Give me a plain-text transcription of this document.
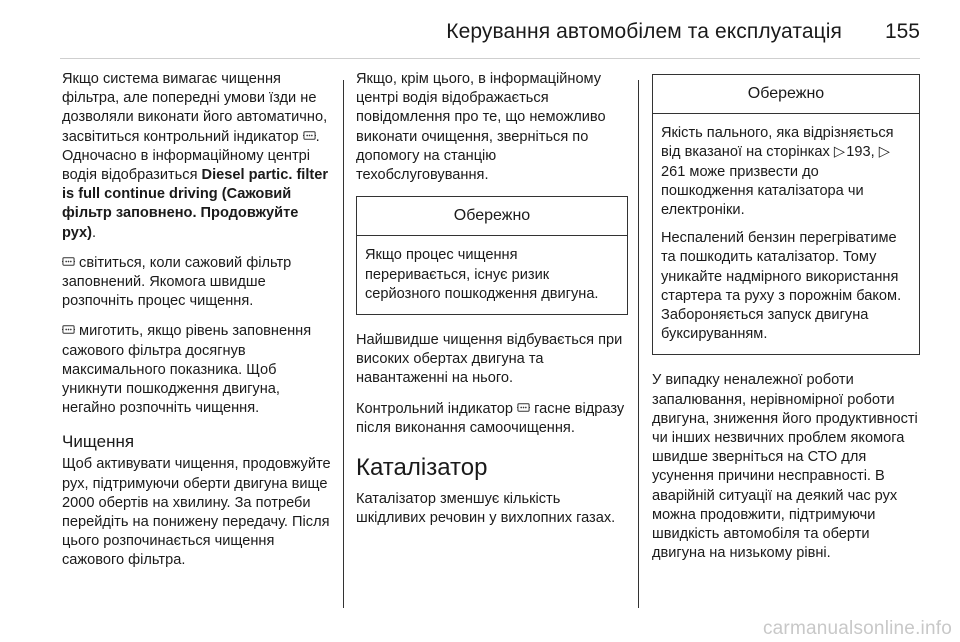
Керування автомобілем та експлуатація 155

Якщо система вимагає чищення фільтра, але попередні умови їзди не дозволяли виконати його автоматично, засвітиться контрольний індикатор . Одночасно в інформаційному центрі водія відобразиться Diesel partic. filter is full continue driving (Сажовий фільтр заповнено. Продовжуйте рух).

світиться, коли сажовий фільтр заповнений. Якомога швидше розпочніть процес чищення.

миготить, якщо рівень заповнення сажового фільтра досягнув максимального показника. Щоб уникнути пошкодження двигуна, негайно розпочніть чищення.

Чищення

Щоб активувати чищення, продовжуйте рух, підтримуючи оберти двигуна вище 2000 обертів на хвилину. За потреби перейдіть на понижену передачу. Після цього розпочинається чищення сажового фільтра.

Якщо, крім цього, в інформаційному центрі водія відображається повідомлення про те, що неможливо виконати очищення, зверніться по допомогу на станцію техобслуговування.

Обережно

Якщо процес чищення переривається, існує ризик серйозного пошкодження двигуна.

Найшвидше чищення відбувається при високих обертах двигуна та навантаженні на нього.

Контрольний індикатор  гасне відразу після виконання самоочищення.

Каталізатор

Каталізатор зменшує кількість шкідливих речовин у вихлопних газах.

Обережно

Якість пального, яка відрізняється від вказаної на сторінках ▷ 193, ▷ 261 може призвести до пошкодження каталізатора чи електроніки.

Неспалений бензин перегріватиме та пошкодить каталізатор. Тому уникайте надмірного використання стартера та руху з порожнім баком. Забороняється запуск двигуна буксируванням.

У випадку неналежної роботи запалювання, нерівномірної роботи двигуна, зниження його продуктивності чи інших незвичних проблем якомога швидше зверніться на СТО для усунення причини несправності. В аварійній ситуації на деякий час рух можна продовжити, підтримуючи швидкість автомобіля та оберти двигуна на низькому рівні.

carmanualsonline.info
